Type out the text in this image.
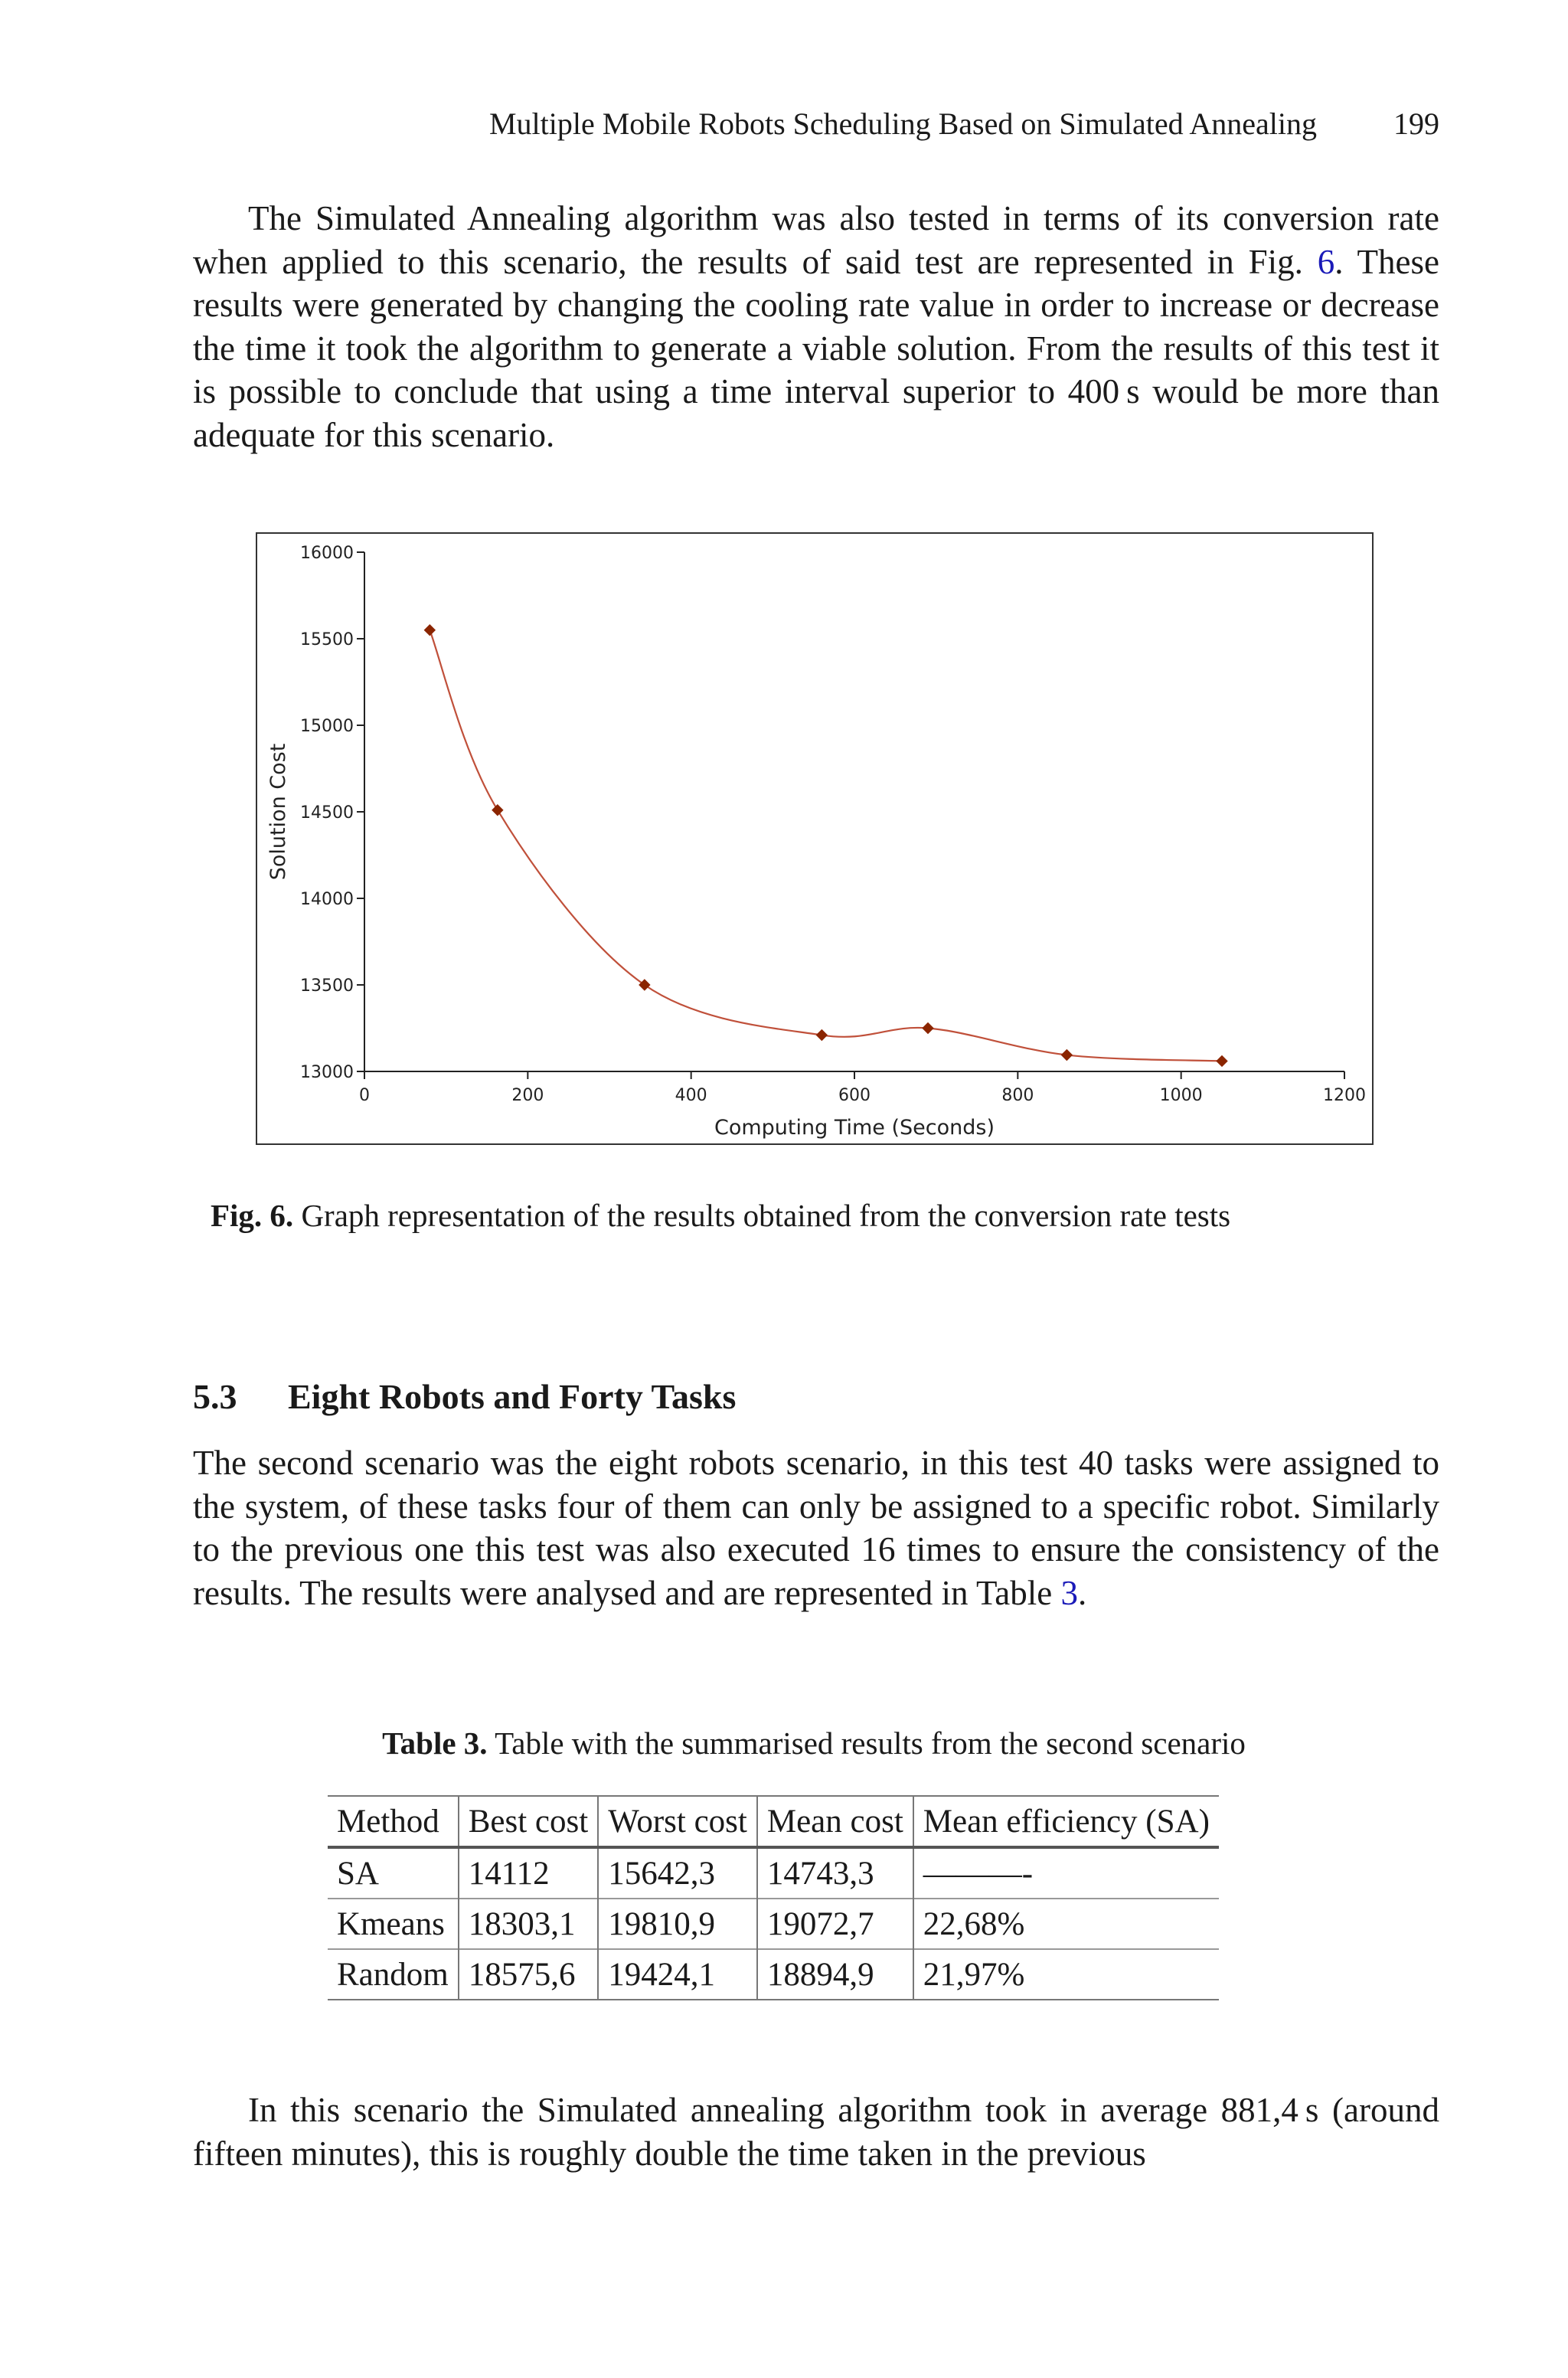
Multiple Mobile Robots Scheduling Based on Simulated Annealing	199

The Simulated Annealing algorithm was also tested in terms of its conversion rate when applied to this scenario, the results of said test are represented in Fig. 6. These results were generated by changing the cooling rate value in order to increase or decrease the time it took the algorithm to generate a viable solution. From the results of this test it is possible to conclude that using a time interval superior to 400 s would be more than adequate for this scenario.

0	200	400	600	800	1000	1200
13000
13500
14000
14500
15000
15500
16000
Computing Time (Seconds)
Solution Cost
Fig. 6. Graph representation of the results obtained from the conversion rate tests
5.3 Eight Robots and Forty Tasks

The second scenario was the eight robots scenario, in this test 40 tasks were assigned to the system, of these tasks four of them can only be assigned to a specific robot. Similarly to the previous one this test was also executed 16 times to ensure the consistency of the results. The results were analysed and are represented in Table 3.

Table 3. Table with the summarised results from the second scenario
Method	Best cost	Worst cost	Mean cost	Mean efficiency (SA)
SA	14112	15642,3	14743,3	———-
Kmeans	18303,1	19810,9	19072,7	22,68%
Random	18575,6	19424,1	18894,9	21,97%

In this scenario the Simulated annealing algorithm took in average 881,4 s (around fifteen minutes), this is roughly double the time taken in the previous
